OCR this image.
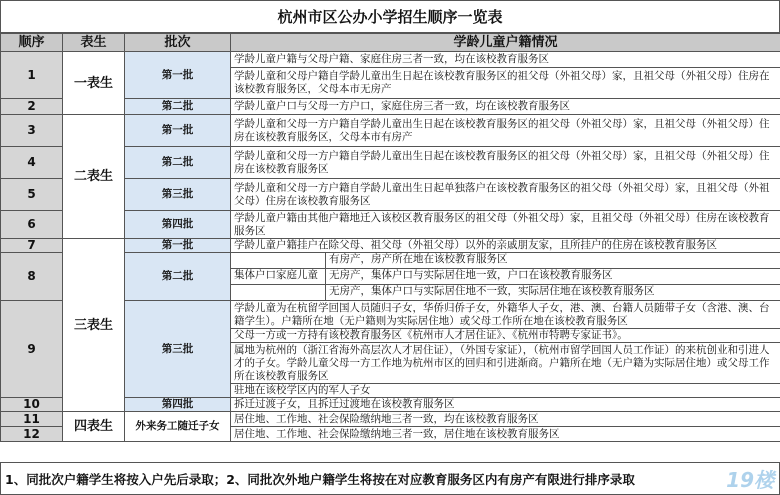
杭州市区公办小学招生顺序一览表
顺序	表生	批次	学龄儿童户籍情况
1	一表生	第一批	学龄儿童户籍与父母户籍、家庭住房三者一致，均在该校教育服务区
			学龄儿童和父母户籍自学龄儿童出生日起在该校教育服务区的祖父母（外祖父母）家，且祖父母（外祖父母）住房在该校教育服务区，父母本市无房产
2		第二批	学龄儿童户口与父母一方户口，家庭住房三者一致，均在该校教育服务区
3	二表生	第一批	学龄儿童和父母一方户籍自学龄儿童出生日起在该校教育服务区的祖父母（外祖父母）家，且祖父母（外祖父母）住房在该校教育服务区，父母本市有房产
4		第二批	学龄儿童和父母一方户籍自学龄儿童出生日起在该校教育服务区的祖父母（外祖父母）家，且祖父母（外祖父母）住房在该校教育服务区
5		第三批	学龄儿童和父母一方户籍自学龄儿童出生日起单独落户在该校教育服务区的祖父母（外祖父母）家，且祖父母（外祖父母）住房在该校教育服务区
6		第四批	学龄儿童户籍由其他户籍地迁入该校区教育服务区的祖父母（外祖父母）家，且祖父母（外祖父母）住房在该校教育服务区
7	三表生	第一批	学龄儿童户籍挂户在除父母、祖父母（外祖父母）以外的亲戚朋友家，且所挂户的住房在该校教育服务区
8		第二批	有房产，房产所在地在该校教育服务区

			集体户口家庭儿童 无房产，集体户口与实际居住地一致，户口在该校教育服务区

			无房产，集体户口与实际居住地不一致，实际居住地在该校教育服务区

9		第三批	学龄儿童为在杭留学回国人员随归子女，华侨归侨子女，外籍华人子女，港、澳、台籍人员随带子女（含港、澳、台籍学生）。户籍所在地（无户籍则为实际居住地）或父母工作所在地在该校教育服务区
			父母一方或一方持有该校教育服务区《杭州市人才居住证》、《杭州市特聘专家证书》。
			属地为杭州的（浙江省海外高层次人才居住证），（外国专家证），（杭州市留学回国人员工作证）的来杭创业和引进人才的子女。学龄儿童父母一方工作地为杭州市区的回归和引进渐商。户籍所在地（无户籍为实际居住地）或父母工作所在该校教育服务区
			驻地在该校学区内的军人子女
10		第四批	拆迁过渡子女，且拆迁过渡地在该校教育服务区
11	四表生	外来务工随迁子女	居住地、工作地、社会保险缴纳地三者一致，均在该校教育服务区
12			居住地、工作地、社会保险缴纳地三者一致，居住地在该校教育服务区
1、同批次户籍学生将按入户先后录取；2、同批次外地户籍学生将按在对应教育服务区内有房产有限进行排序录取	19楼
